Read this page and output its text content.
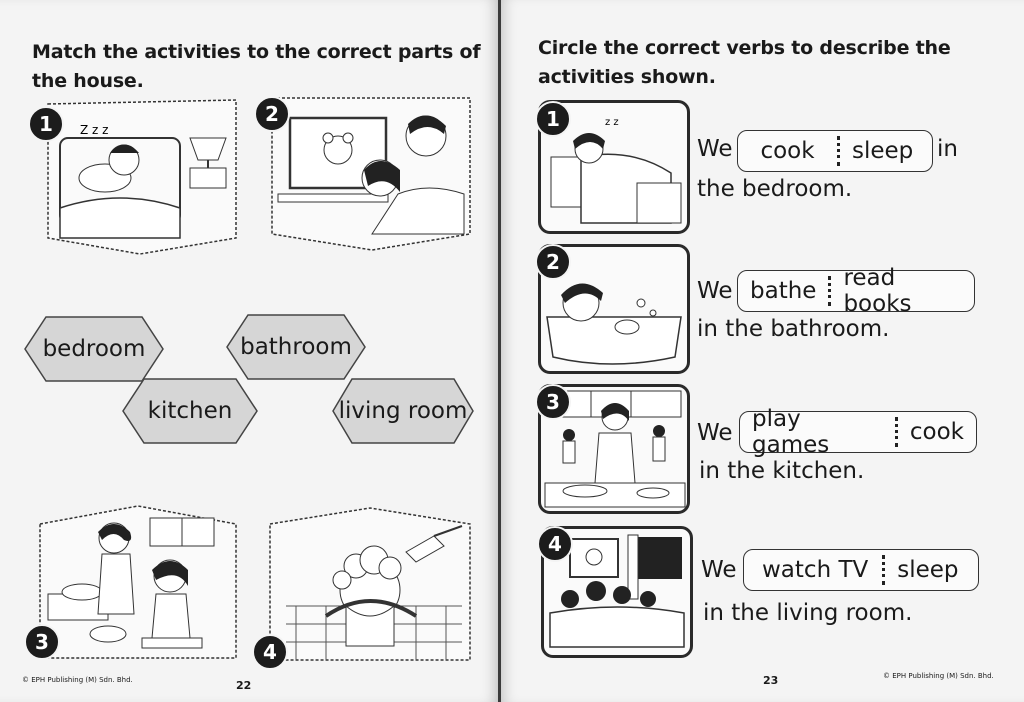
Match the activities to the correct parts of the house.
Z z z
1	2
bedroom	bathroom
kitchen	living room
3	4
© EPH Publishing (M) Sdn. Bhd.	22
Circle the correct verbs to describe the activities shown.
z z
1
We	cook	sleep	in
the bedroom.
2
We bathe	read books
in the bathroom.
3
We
play games	cook
in the kitchen.
4
We	watch TV	sleep
in the living room.
23	© EPH Publishing (M) Sdn. Bhd.
